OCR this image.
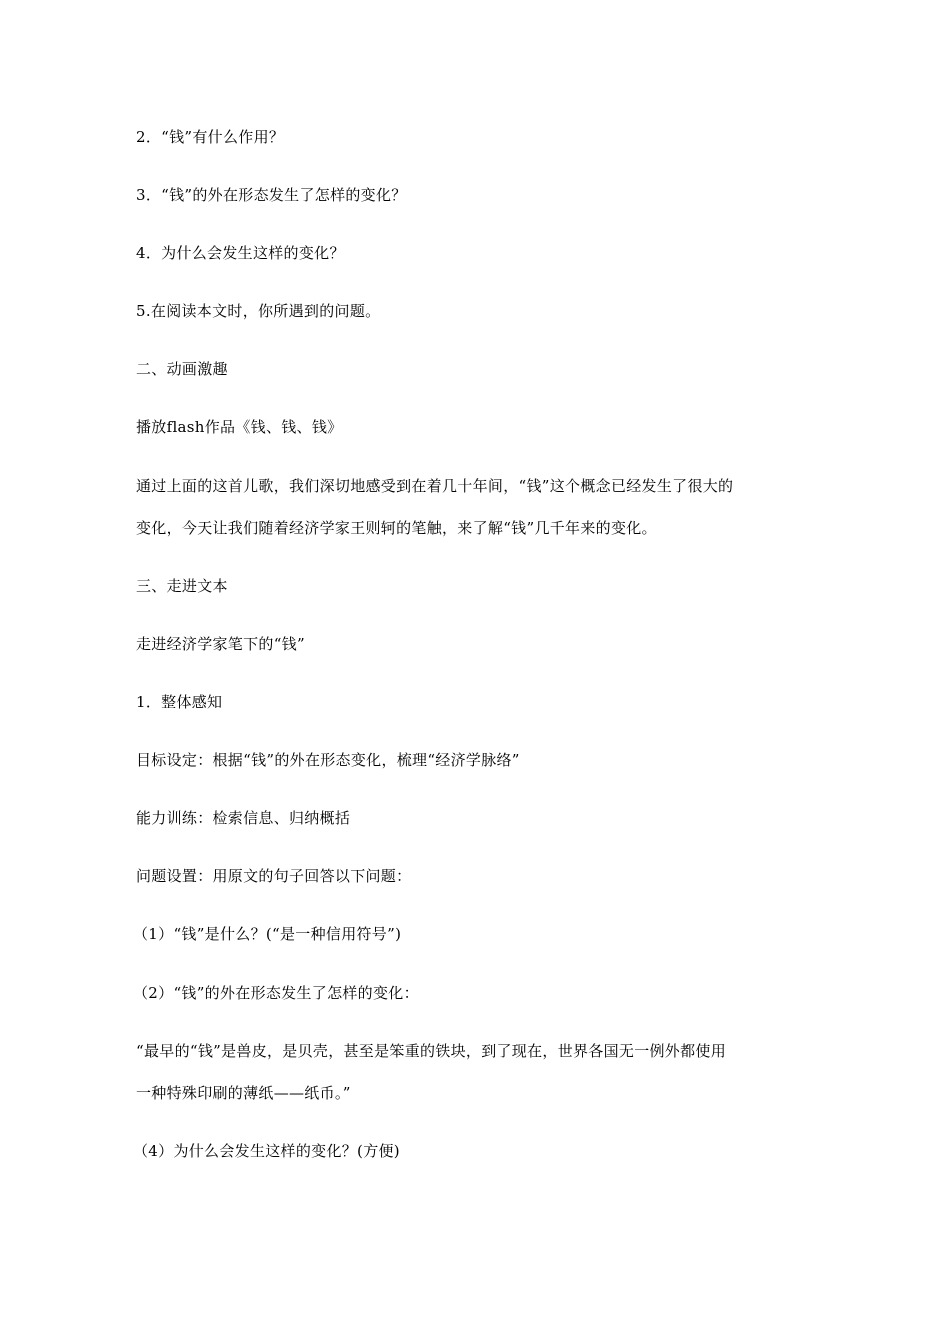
2．“钱”有什么作用？
3．“钱”的外在形态发生了怎样的变化？
4．为什么会发生这样的变化？
5.在阅读本文时，你所遇到的问题。
二、动画激趣
播放flash作品《钱、钱、钱》
通过上面的这首儿歌，我们深切地感受到在着几十年间，“钱”这个概念已经发生了很大的
变化，今天让我们随着经济学家王则轲的笔触，来了解“钱”几千年来的变化。
三、走进文本
走进经济学家笔下的“钱”
1．整体感知
目标设定：根据“钱”的外在形态变化，梳理“经济学脉络”
能力训练：检索信息、归纳概括
问题设置：用原文的句子回答以下问题：
（1）“钱”是什么？(“是一种信用符号”)
（2）“钱”的外在形态发生了怎样的变化：
“最早的“钱”是兽皮，是贝壳，甚至是笨重的铁块，到了现在，世界各国无一例外都使用
一种特殊印刷的薄纸——纸币。”
（4）为什么会发生这样的变化？(方便)
